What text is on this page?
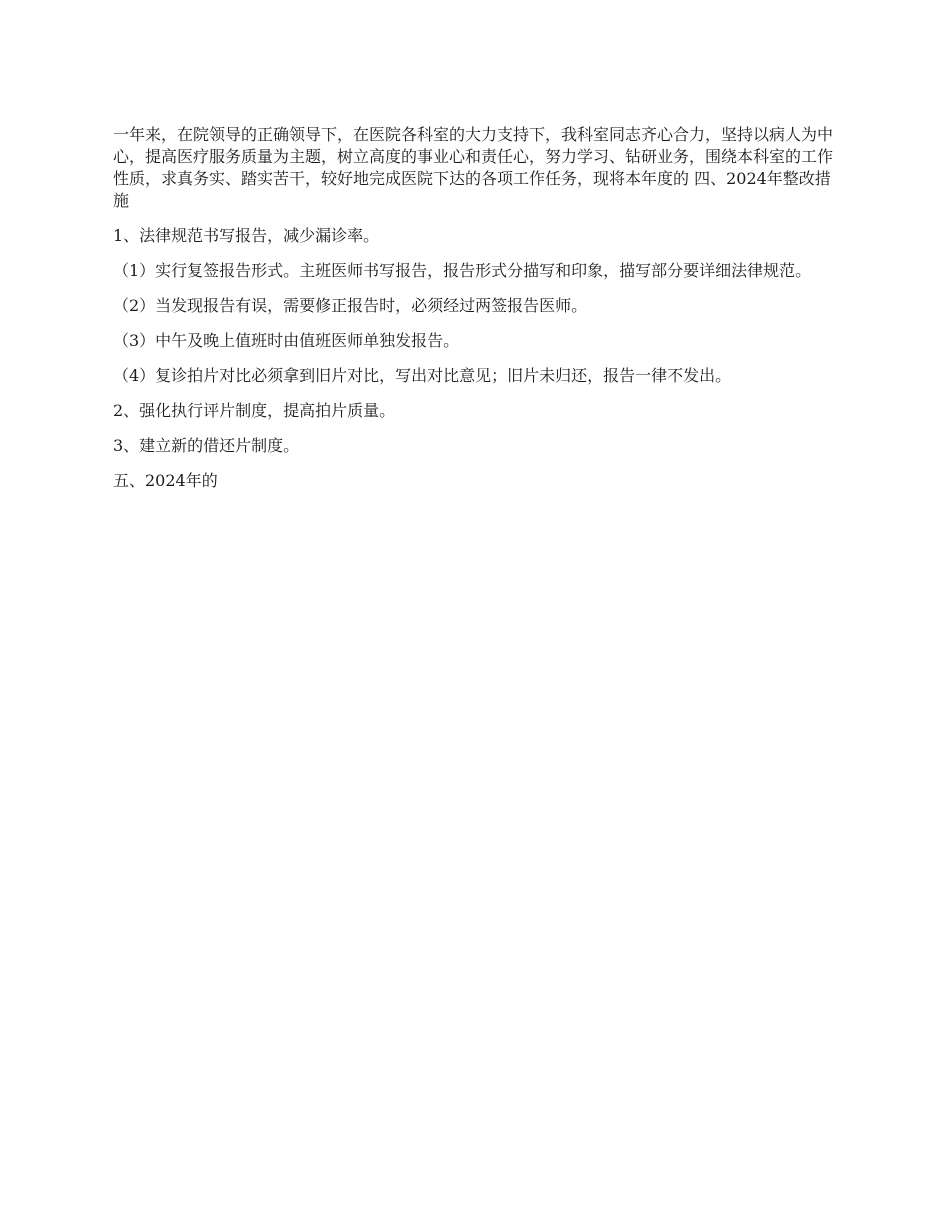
一年来，在院领导的正确领导下，在医院各科室的大力支持下，我科室同志齐心合力，坚持以病人为中心，提高医疗服务质量为主题，树立高度的事业心和责任心，努力学习、钻研业务，围绕本科室的工作性质，求真务实、踏实苦干，较好地完成医院下达的各项工作任务，现将本年度的 四、2024年整改措施

1、法律规范书写报告，减少漏诊率。

（1）实行复签报告形式。主班医师书写报告，报告形式分描写和印象，描写部分要详细法律规范。

（2）当发现报告有误，需要修正报告时，必须经过两签报告医师。

（3）中午及晚上值班时由值班医师单独发报告。

（4）复诊拍片对比必须拿到旧片对比，写出对比意见；旧片未归还，报告一律不发出。

2、强化执行评片制度，提高拍片质量。

3、建立新的借还片制度。

五、2024年的
